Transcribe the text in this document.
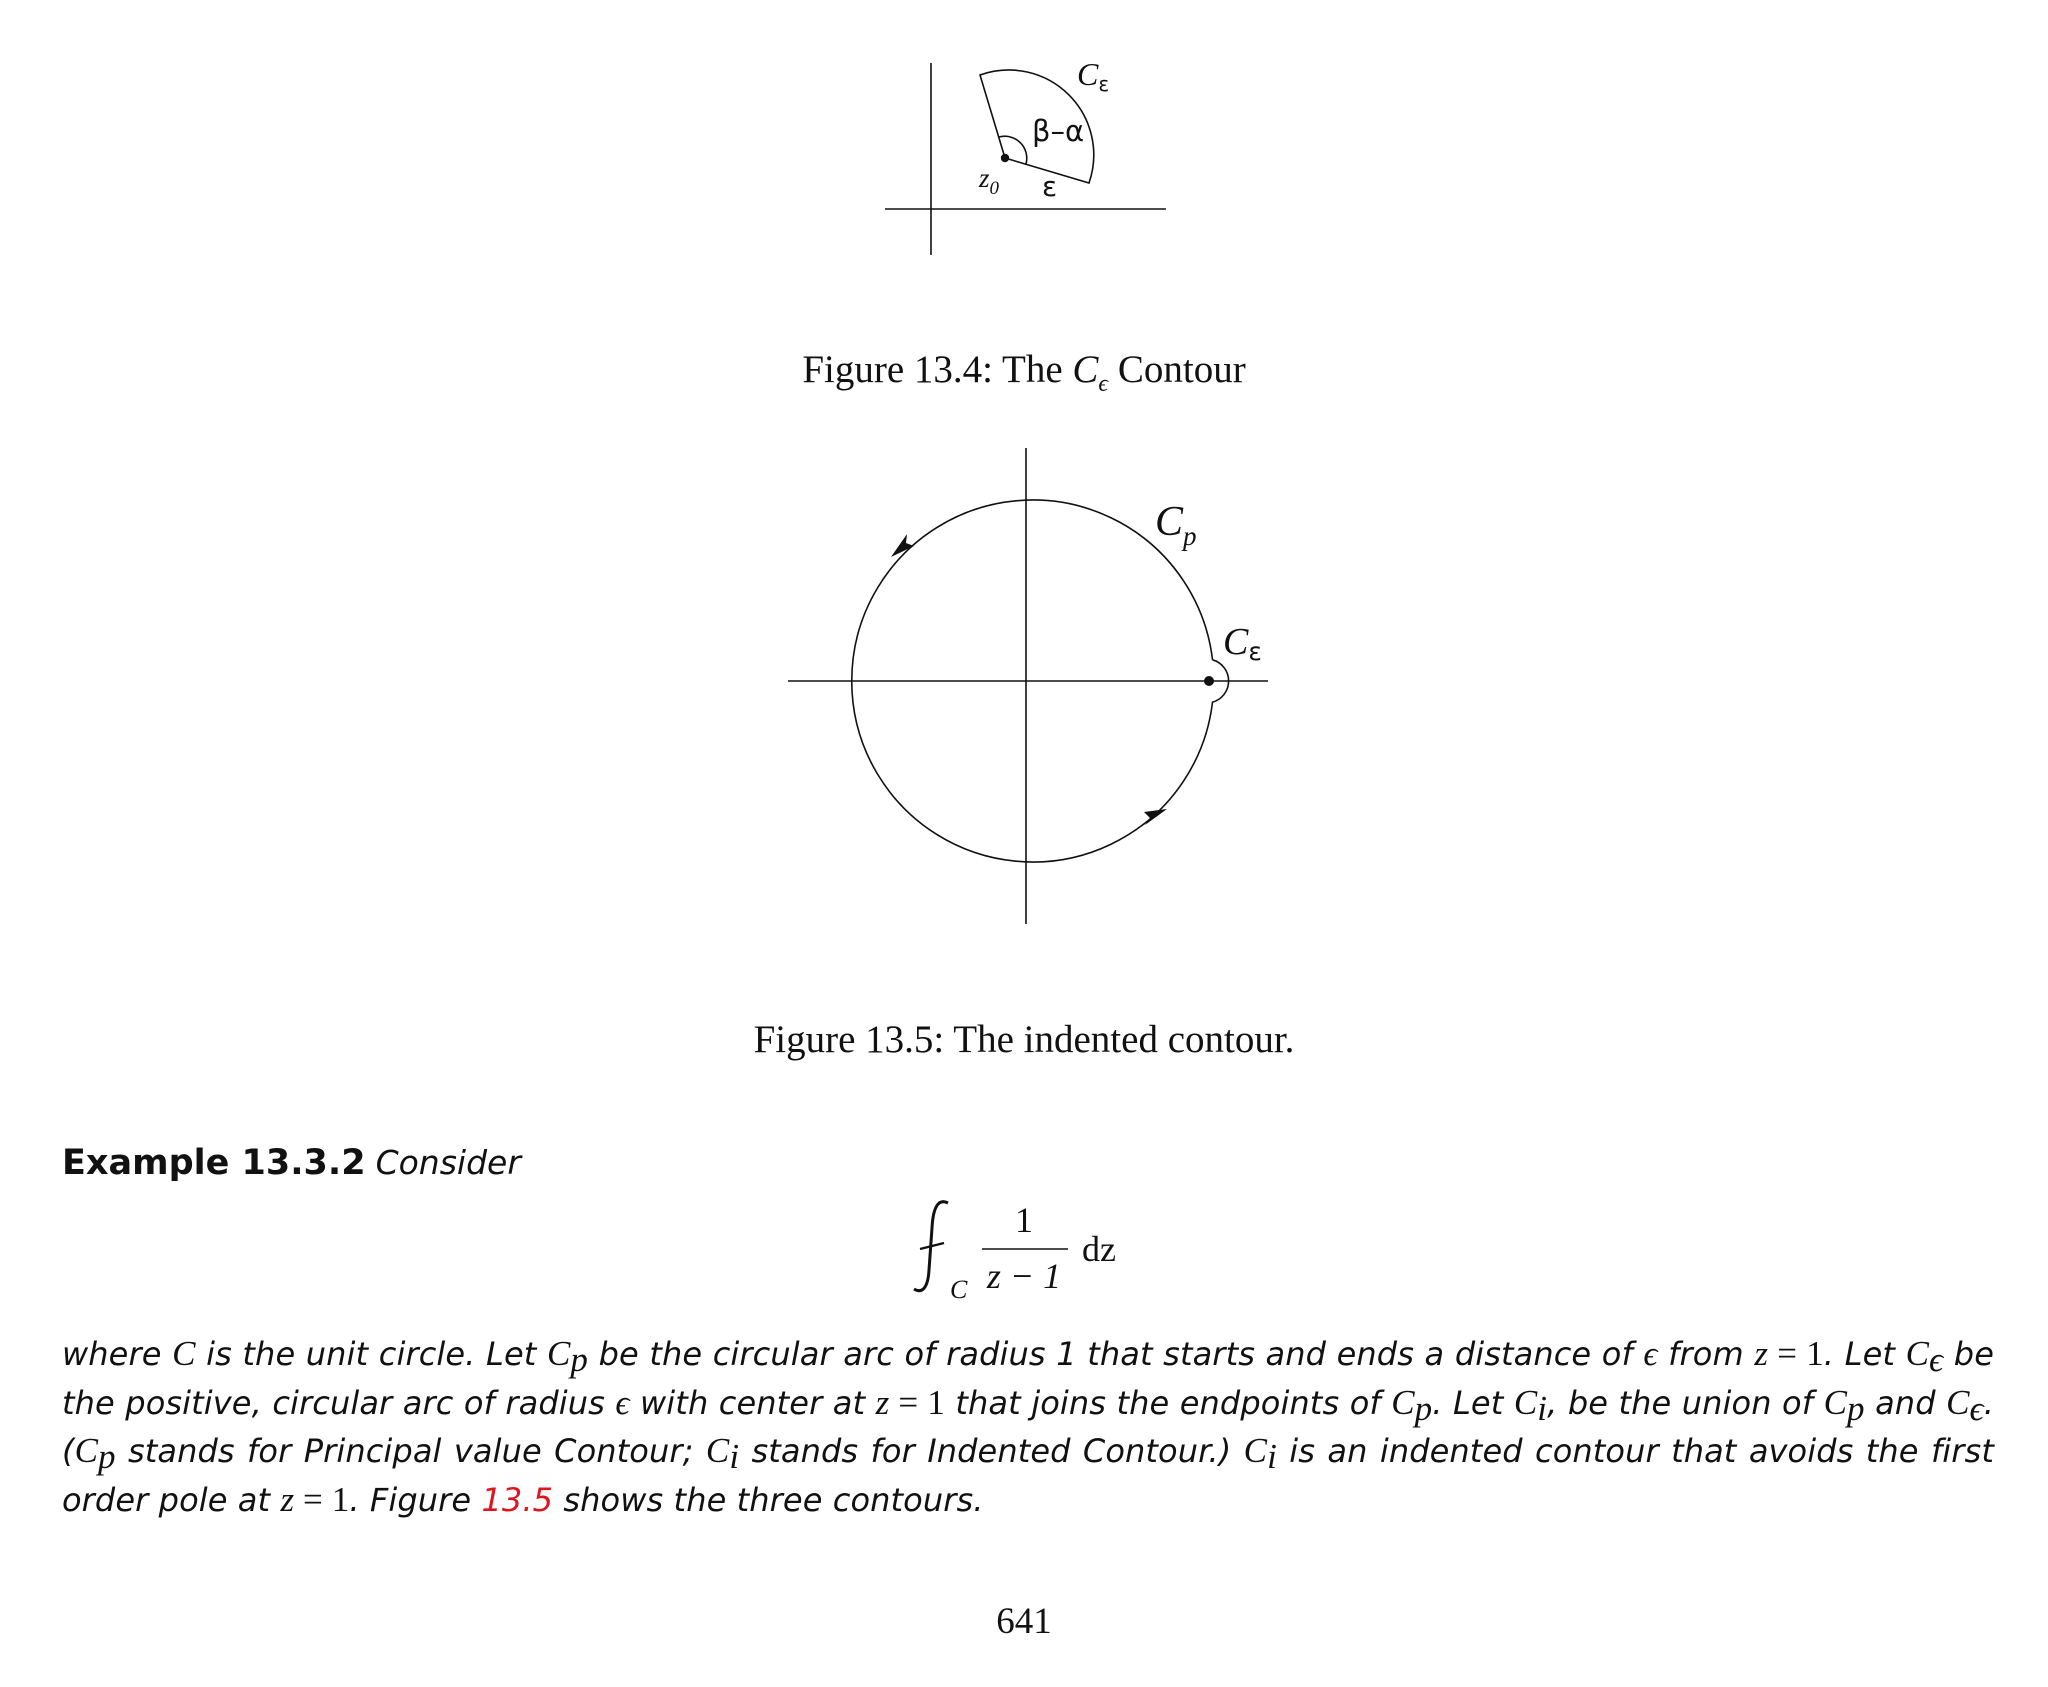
Cε
β–α
$z_0$ ε
Figure 13.4: The $C_\epsilon$ Contour
$C_p$
Cε
Figure 13.5: The indented contour.
Example 13.3.2 Consider
C
1
z − 1
dz
where C is the unit circle. Let $C_p$ be the circular arc of radius 1 that starts and ends a distance of ϵ from z = 1. Let $C_\epsilon$ be the positive, circular arc of radius ϵ with center at z = 1 that joins the endpoints of $C_p$. Let $C_i$, be the union of $C_p$ and $C_\epsilon$. ($C_p$ stands for Principal value Contour; $C_i$ stands for Indented Contour.) $C_i$ is an indented contour that avoids the first order pole at z = 1. Figure 13.5 shows the three contours.
641
